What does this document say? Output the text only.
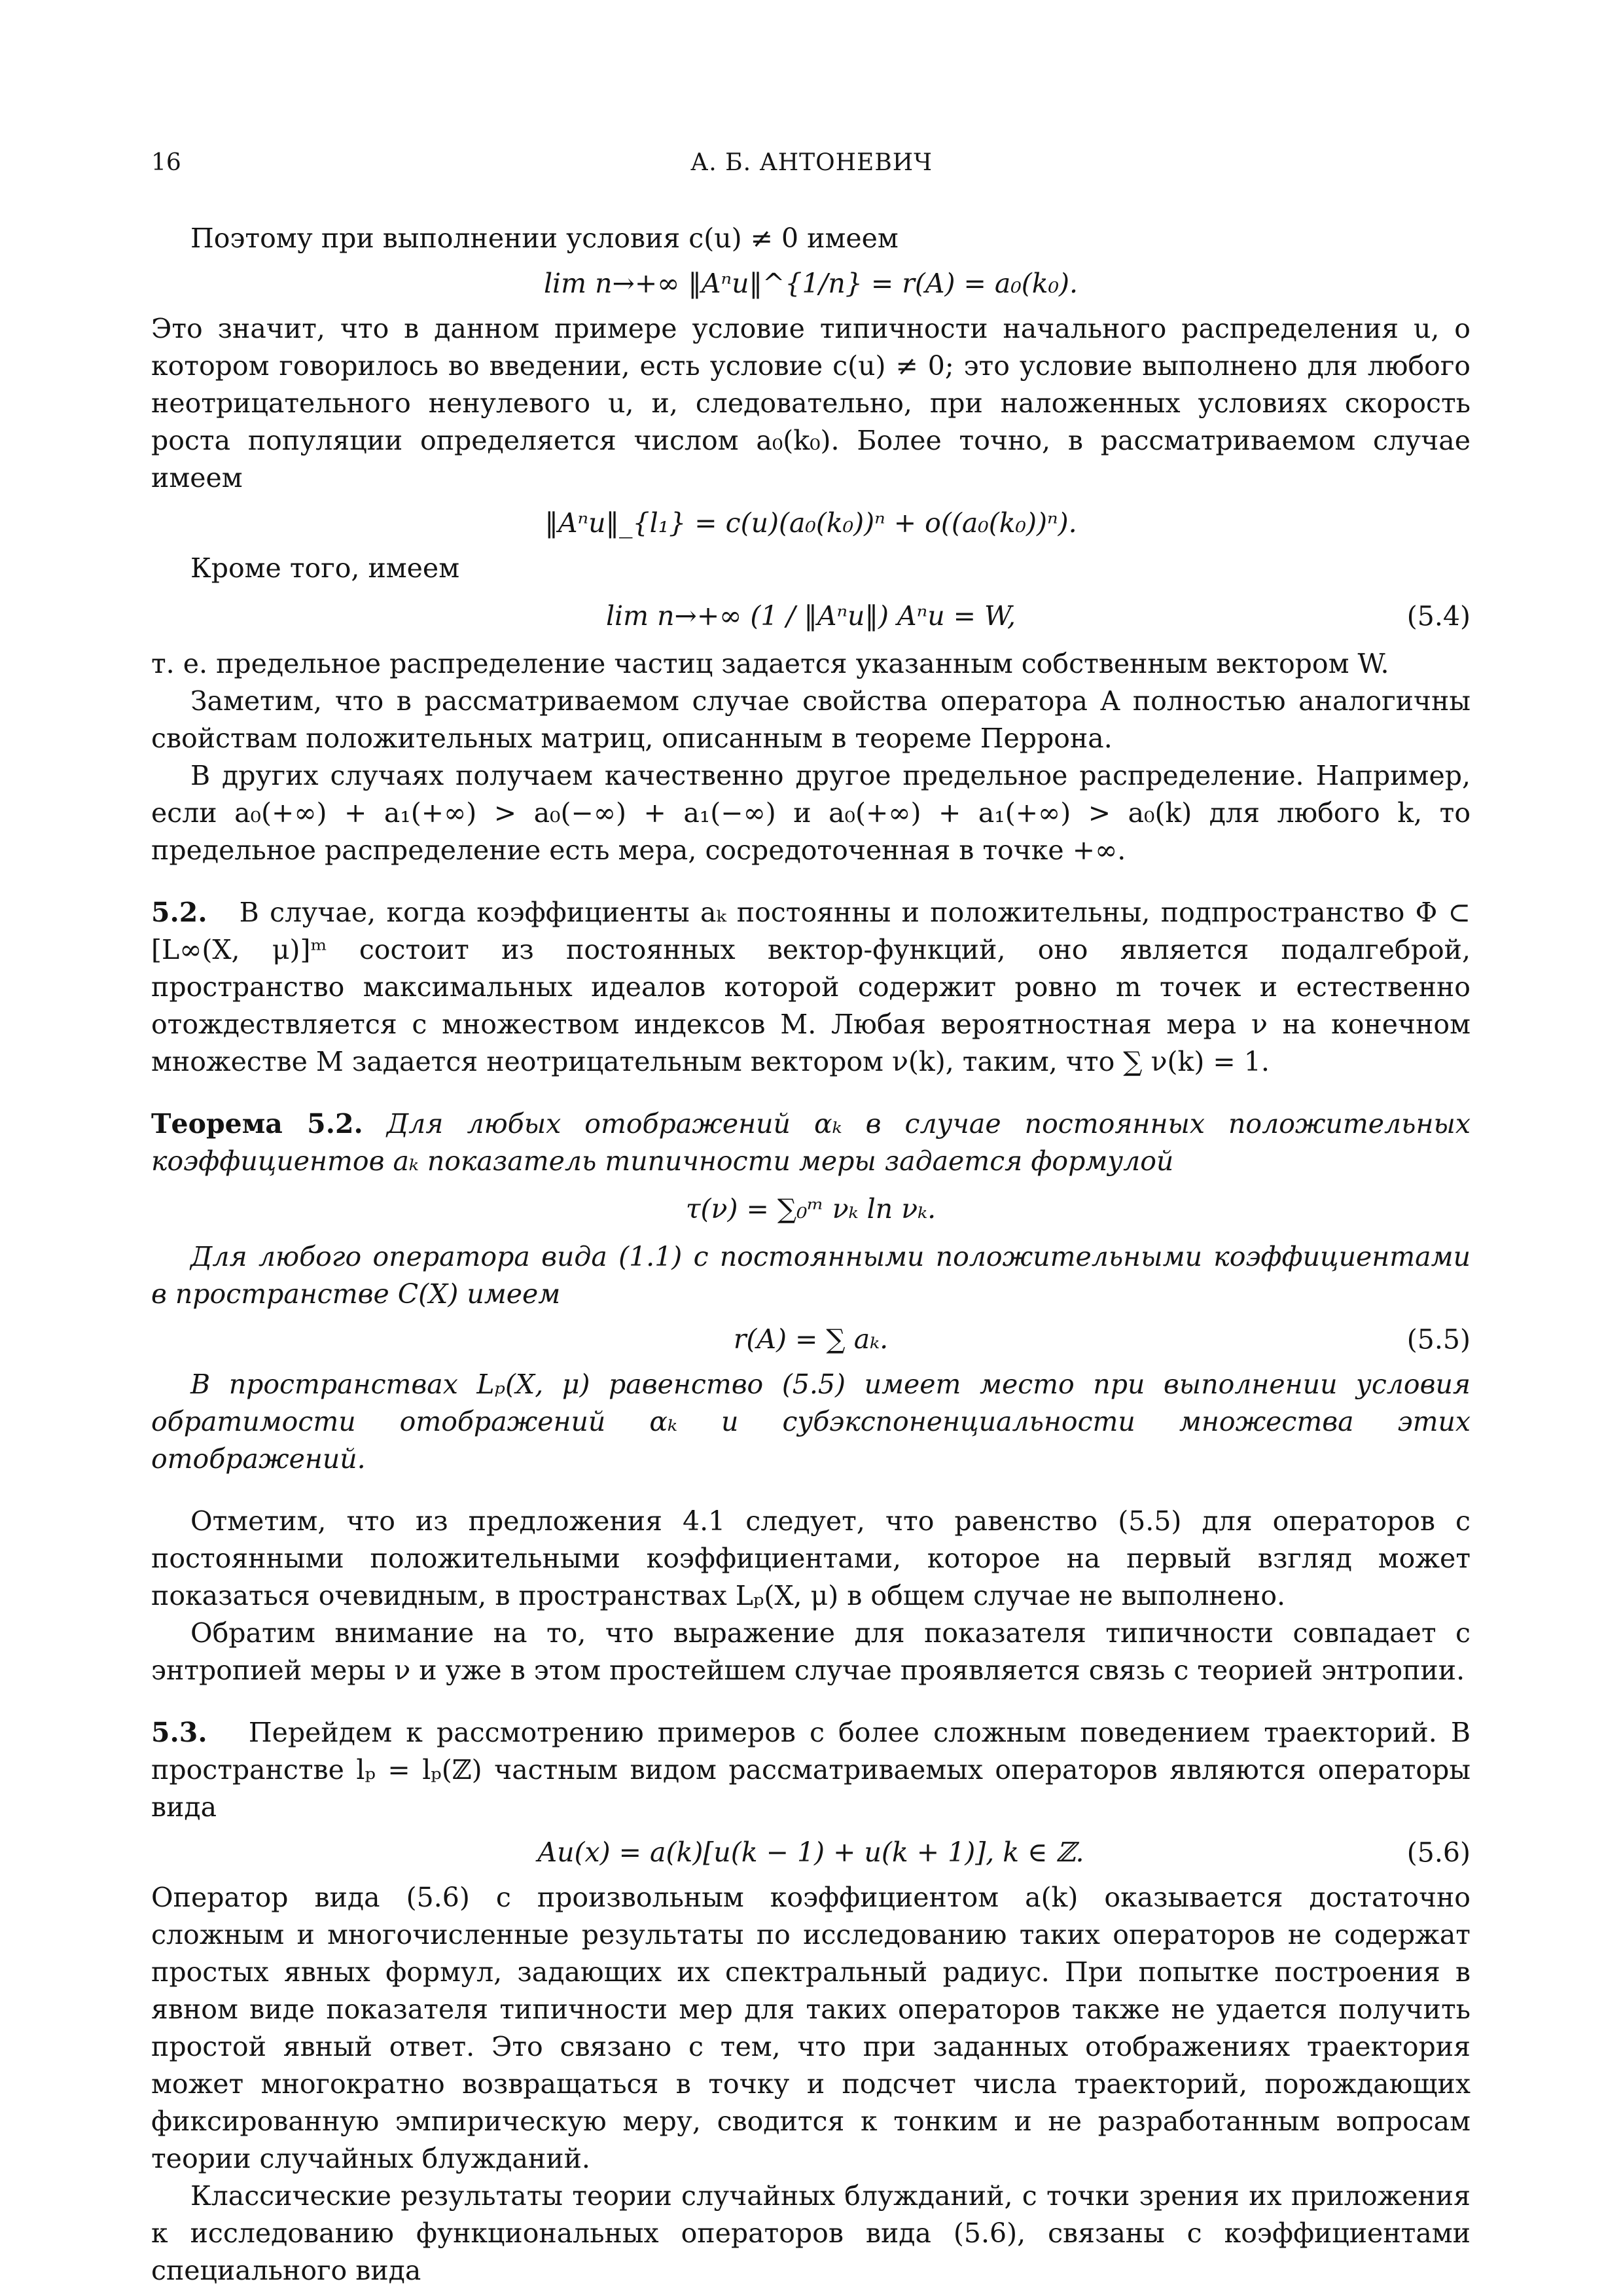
16	А. Б. АНТОНЕВИЧ

Поэтому при выполнении условия c(u) ≠ 0 имеем

lim n→+∞ ‖Aⁿu‖^{1/n} = r(A) = a₀(k₀).

Это значит, что в данном примере условие типичности начального распределения u, о котором говорилось во введении, есть условие c(u) ≠ 0; это условие выполнено для любого неотрицательного ненулевого u, и, следовательно, при наложенных условиях скорость роста популяции определяется числом a₀(k₀). Более точно, в рассматриваемом случае имеем

‖Aⁿu‖_{l₁} = c(u)(a₀(k₀))ⁿ + o((a₀(k₀))ⁿ).

Кроме того, имеем

lim n→+∞ (1 / ‖Aⁿu‖) Aⁿu = W,	(5.4)

т. е. предельное распределение частиц задается указанным собственным вектором W.

Заметим, что в рассматриваемом случае свойства оператора A полностью аналогичны свойствам положительных матриц, описанным в теореме Перрона.

В других случаях получаем качественно другое предельное распределение. Например, если a₀(+∞) + a₁(+∞) > a₀(−∞) + a₁(−∞) и a₀(+∞) + a₁(+∞) > a₀(k) для любого k, то предельное распределение есть мера, сосредоточенная в точке +∞.

5.2. В случае, когда коэффициенты aₖ постоянны и положительны, подпространство Φ ⊂ [L∞(X, μ)]ᵐ состоит из постоянных вектор-функций, оно является подалгеброй, пространство максимальных идеалов которой содержит ровно m точек и естественно отождествляется с множеством индексов M. Любая вероятностная мера ν на конечном множестве M задается неотрицательным вектором ν(k), таким, что ∑ ν(k) = 1.

Теорема 5.2. Для любых отображений αₖ в случае постоянных положительных коэффициентов aₖ показатель типичности меры задается формулой

τ(ν) = ∑₀ᵐ νₖ ln νₖ.

Для любого оператора вида (1.1) с постоянными положительными коэффициентами в пространстве C(X) имеем

r(A) = ∑ aₖ.	(5.5)

В пространствах Lₚ(X, μ) равенство (5.5) имеет место при выполнении условия обратимости отображений αₖ и субэкспоненциальности множества этих отображений.

Отметим, что из предложения 4.1 следует, что равенство (5.5) для операторов с постоянными положительными коэффициентами, которое на первый взгляд может показаться очевидным, в пространствах Lₚ(X, μ) в общем случае не выполнено.

Обратим внимание на то, что выражение для показателя типичности совпадает с энтропией меры ν и уже в этом простейшем случае проявляется связь с теорией энтропии.

5.3. Перейдем к рассмотрению примеров с более сложным поведением траекторий. В пространстве lₚ = lₚ(ℤ) частным видом рассматриваемых операторов являются операторы вида

Au(x) = a(k)[u(k − 1) + u(k + 1)], k ∈ ℤ.	(5.6)

Оператор вида (5.6) с произвольным коэффициентом a(k) оказывается достаточно сложным и многочисленные результаты по исследованию таких операторов не содержат простых явных формул, задающих их спектральный радиус. При попытке построения в явном виде показателя типичности мер для таких операторов также не удается получить простой явный ответ. Это связано с тем, что при заданных отображениях траектория может многократно возвращаться в точку и подсчет числа траекторий, порождающих фиксированную эмпирическую меру, сводится к тонким и не разработанным вопросам теории случайных блужданий.

Классические результаты теории случайных блужданий, с точки зрения их приложения к исследованию функциональных операторов вида (5.6), связаны с коэффициентами специального вида
